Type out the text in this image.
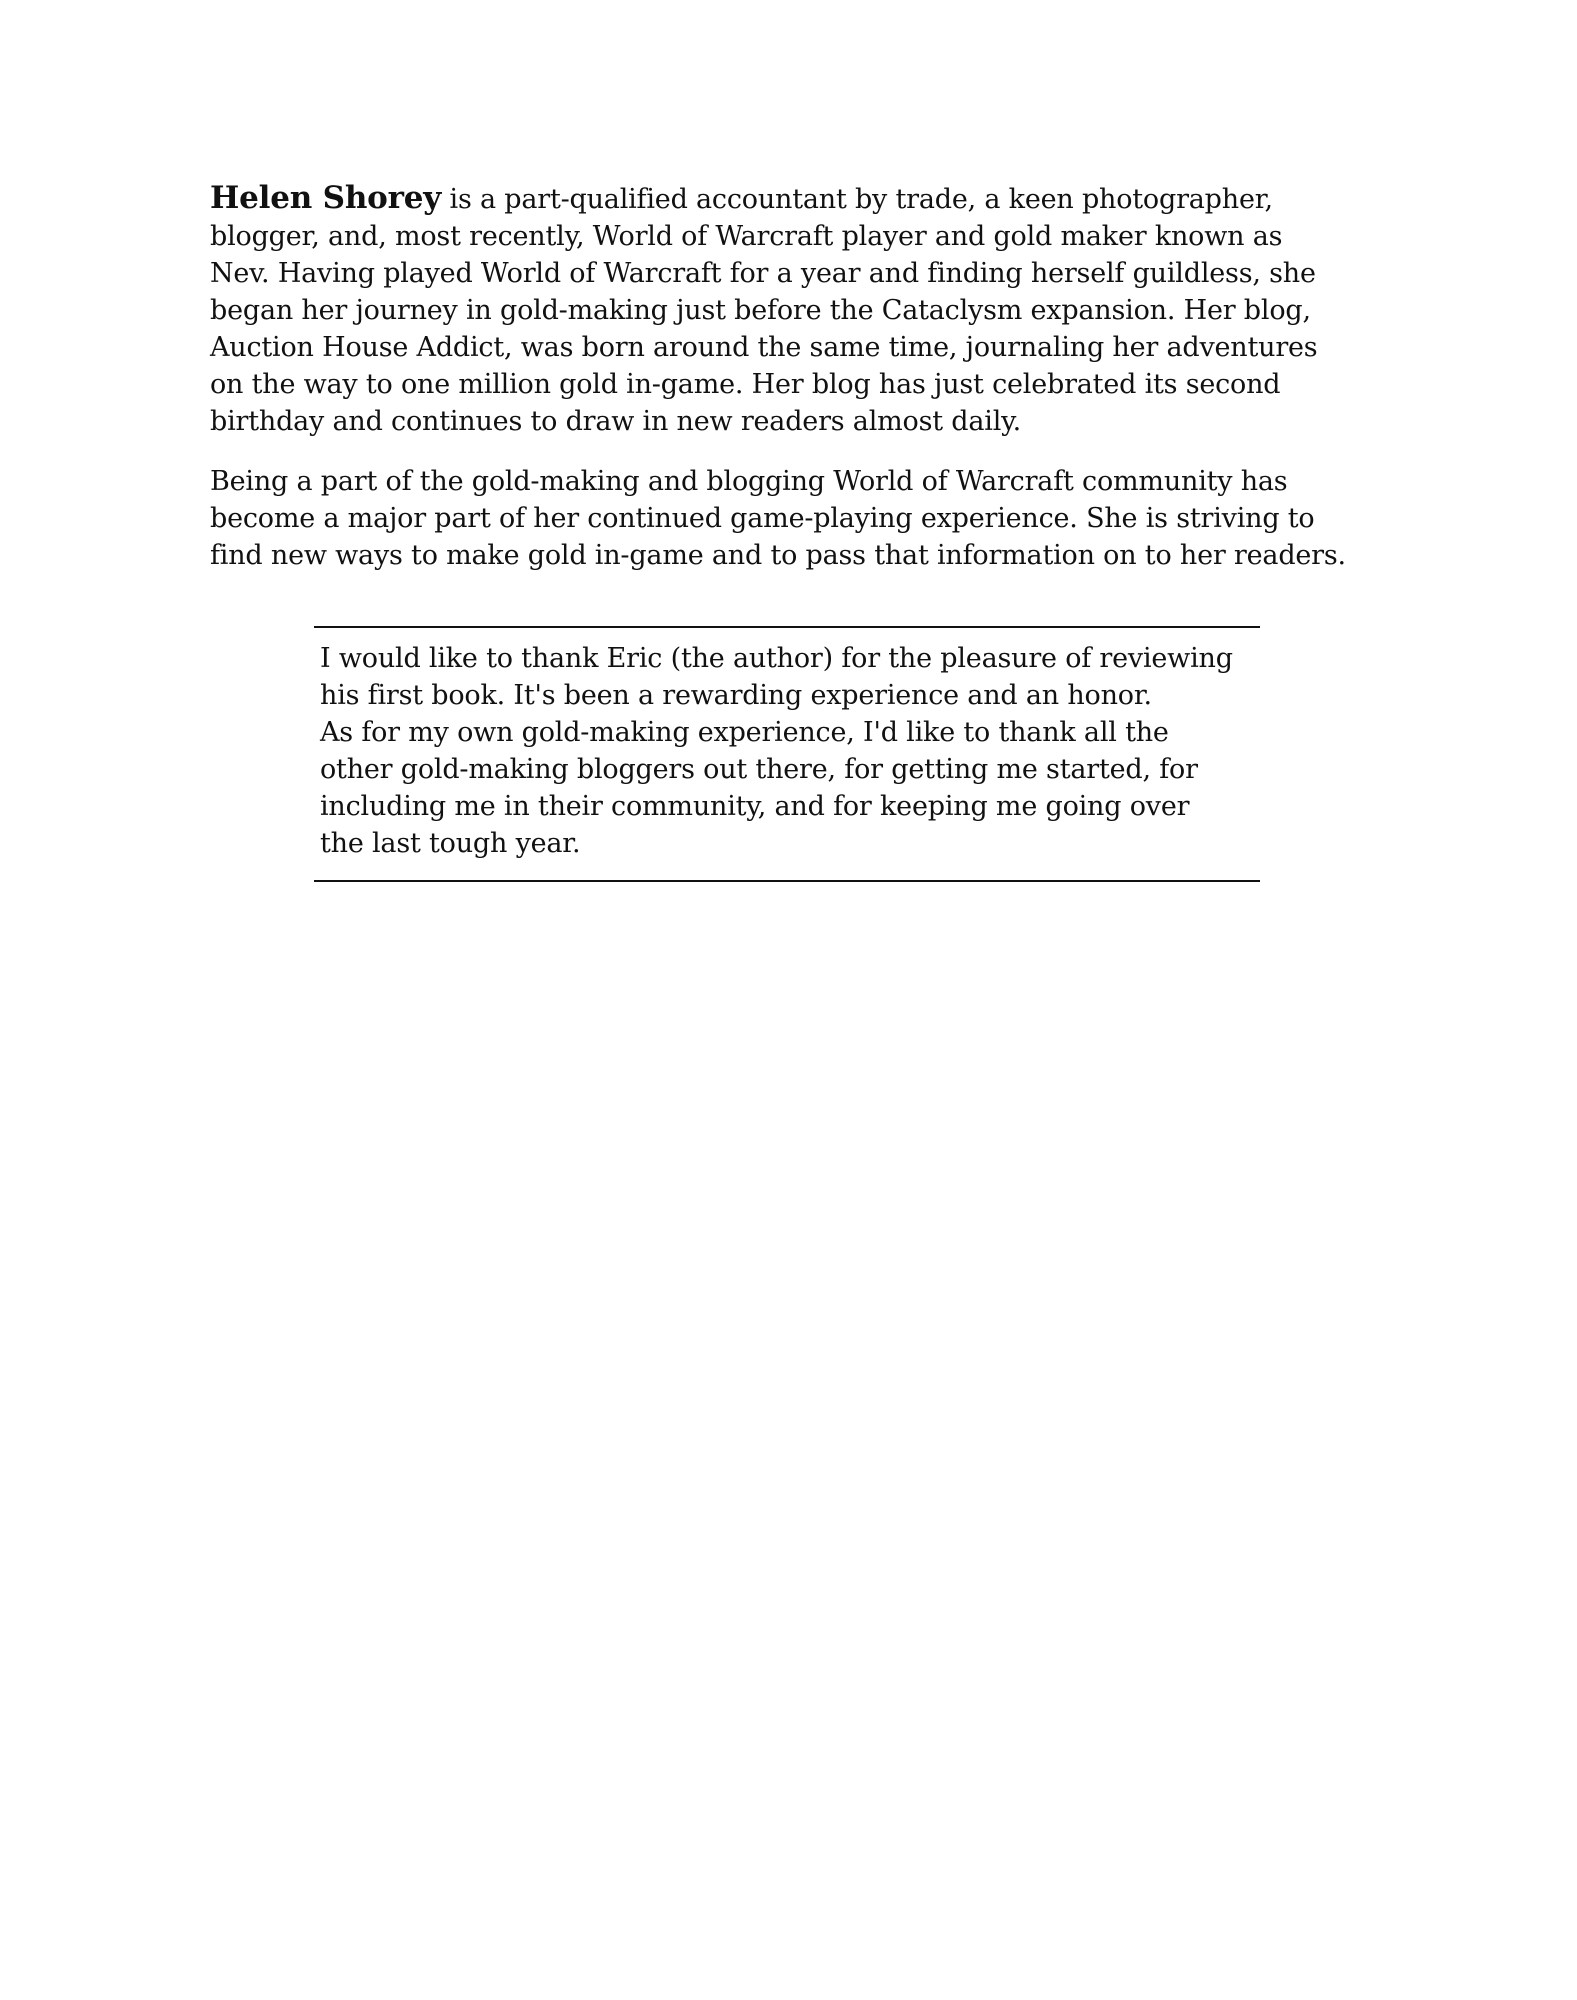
Helen Shorey is a part-qualified accountant by trade, a keen photographer,
blogger, and, most recently, World of Warcraft player and gold maker known as
Nev. Having played World of Warcraft for a year and finding herself guildless, she
began her journey in gold-making just before the Cataclysm expansion. Her blog,
Auction House Addict, was born around the same time, journaling her adventures
on the way to one million gold in-game. Her blog has just celebrated its second
birthday and continues to draw in new readers almost daily.

Being a part of the gold-making and blogging World of Warcraft community has
become a major part of her continued game-playing experience. She is striving to
find new ways to make gold in-game and to pass that information on to her readers.

I would like to thank Eric (the author) for the pleasure of reviewing
his first book. It's been a rewarding experience and an honor.
As for my own gold-making experience, I'd like to thank all the
other gold-making bloggers out there, for getting me started, for
including me in their community, and for keeping me going over
the last tough year.
